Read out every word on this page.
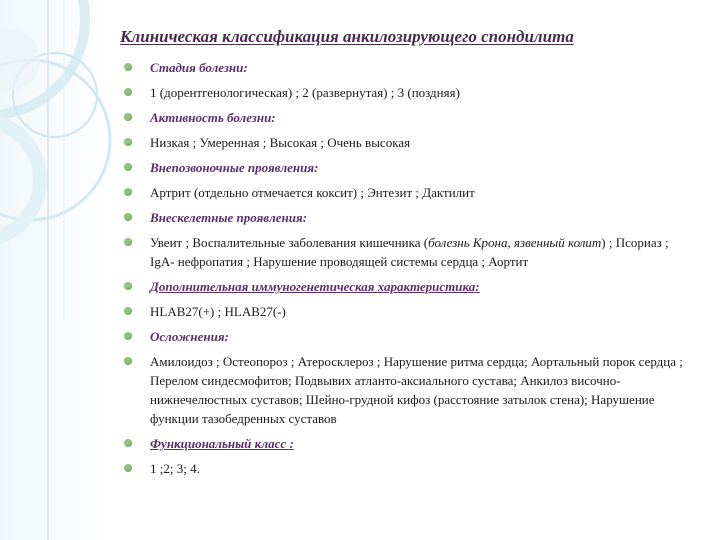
Клиническая классификация анкилозирующего спондилита
Стадия болезни:
1 (дорентгенологическая) ; 2 (развернутая) ; 3 (поздняя)
Активность болезни:
Низкая ; Умеренная ; Высокая ; Очень высокая
Внепозвоночные проявления:
Артрит (отдельно отмечается коксит) ; Энтезит ; Дактилит
Внескелетные проявления:
Увеит ; Воспалительные заболевания кишечника (болезнь Крона, язвенный колит) ; Псориаз ; IgA- нефропатия ; Нарушение проводящей системы сердца ; Аортит
Дополнительная иммуногенетическая характеристика:
HLAB27(+) ; HLAB27(-)
Осложнения:
Амилоидоз ; Остеопороз ; Атеросклероз ; Нарушение ритма сердца; Аортальный порок сердца ; Перелом синдесмофитов; Подвывих атланто-аксиального сустава; Анкилоз височно-нижнечелюстных суставов; Шейно-грудной кифоз (расстояние затылок стена); Нарушение функции тазобедренных суставов
Функциональный класс :
1 ;2; 3; 4.
